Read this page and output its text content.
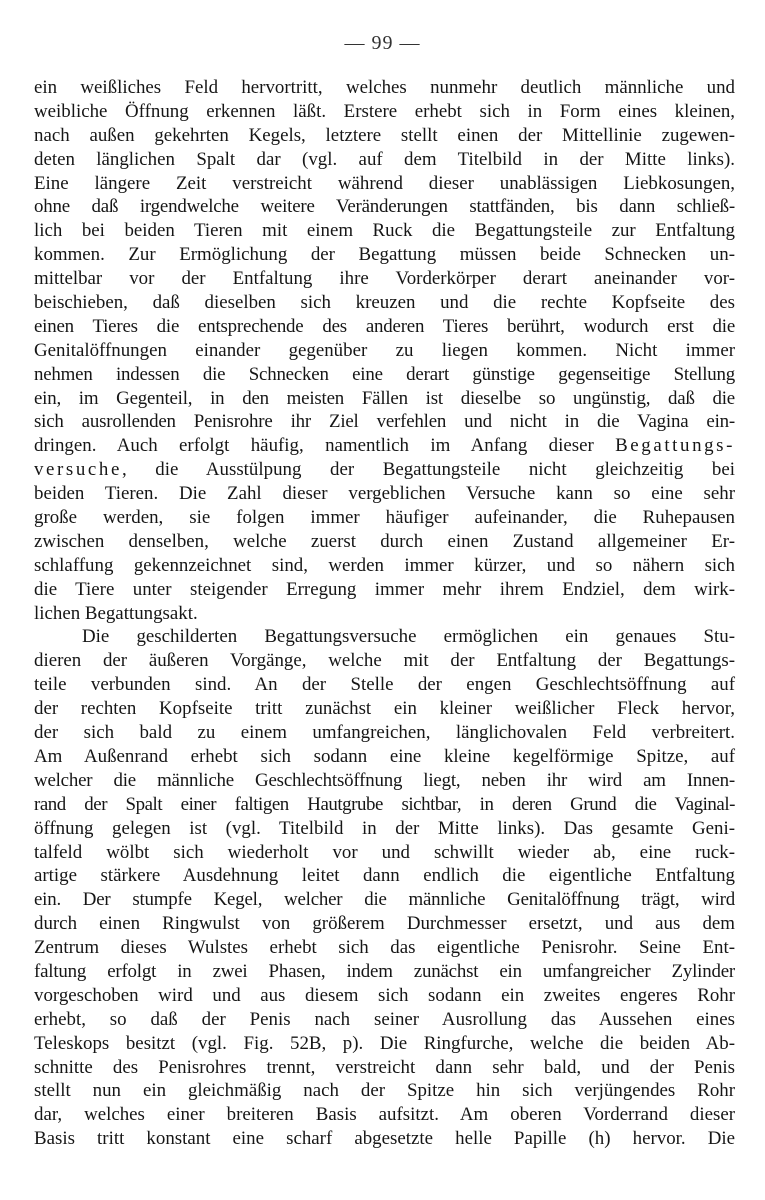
— 99 —
ein weißliches Feld hervortritt, welches nunmehr deutlich männliche und
weibliche Öffnung erkennen läßt. Erstere erhebt sich in Form eines kleinen,
nach außen gekehrten Kegels, letztere stellt einen der Mittellinie zugewen-
deten länglichen Spalt dar (vgl. auf dem Titelbild in der Mitte links).
Eine längere Zeit verstreicht während dieser unablässigen Liebkosungen,
ohne daß irgendwelche weitere Veränderungen stattfänden, bis dann schließ-
lich bei beiden Tieren mit einem Ruck die Begattungsteile zur Entfaltung
kommen. Zur Ermöglichung der Begattung müssen beide Schnecken un-
mittelbar vor der Entfaltung ihre Vorderkörper derart aneinander vor-
beischieben, daß dieselben sich kreuzen und die rechte Kopfseite des
einen Tieres die entsprechende des anderen Tieres berührt, wodurch erst die
Genitalöffnungen einander gegenüber zu liegen kommen. Nicht immer
nehmen indessen die Schnecken eine derart günstige gegenseitige Stellung
ein, im Gegenteil, in den meisten Fällen ist dieselbe so ungünstig, daß die
sich ausrollenden Penisrohre ihr Ziel verfehlen und nicht in die Vagina ein-
dringen. Auch erfolgt häufig, namentlich im Anfang dieser Begattungs-
versuche, die Ausstülpung der Begattungsteile nicht gleichzeitig bei
beiden Tieren. Die Zahl dieser vergeblichen Versuche kann so eine sehr
große werden, sie folgen immer häufiger aufeinander, die Ruhepausen
zwischen denselben, welche zuerst durch einen Zustand allgemeiner Er-
schlaffung gekennzeichnet sind, werden immer kürzer, und so nähern sich
die Tiere unter steigender Erregung immer mehr ihrem Endziel, dem wirk-
lichen Begattungsakt.
Die geschilderten Begattungsversuche ermöglichen ein genaues Stu-
dieren der äußeren Vorgänge, welche mit der Entfaltung der Begattungs-
teile verbunden sind. An der Stelle der engen Geschlechtsöffnung auf
der rechten Kopfseite tritt zunächst ein kleiner weißlicher Fleck hervor,
der sich bald zu einem umfangreichen, länglichovalen Feld verbreitert.
Am Außenrand erhebt sich sodann eine kleine kegelförmige Spitze, auf
welcher die männliche Geschlechtsöffnung liegt, neben ihr wird am Innen-
rand der Spalt einer faltigen Hautgrube sichtbar, in deren Grund die Vaginal-
öffnung gelegen ist (vgl. Titelbild in der Mitte links). Das gesamte Geni-
talfeld wölbt sich wiederholt vor und schwillt wieder ab, eine ruck-
artige stärkere Ausdehnung leitet dann endlich die eigentliche Entfaltung
ein. Der stumpfe Kegel, welcher die männliche Genitalöffnung trägt, wird
durch einen Ringwulst von größerem Durchmesser ersetzt, und aus dem
Zentrum dieses Wulstes erhebt sich das eigentliche Penisrohr. Seine Ent-
faltung erfolgt in zwei Phasen, indem zunächst ein umfangreicher Zylinder
vorgeschoben wird und aus diesem sich sodann ein zweites engeres Rohr
erhebt, so daß der Penis nach seiner Ausrollung das Aussehen eines
Teleskops besitzt (vgl. Fig. 52B, p). Die Ringfurche, welche die beiden Ab-
schnitte des Penisrohres trennt, verstreicht dann sehr bald, und der Penis
stellt nun ein gleichmäßig nach der Spitze hin sich verjüngendes Rohr
dar, welches einer breiteren Basis aufsitzt. Am oberen Vorderrand dieser
Basis tritt konstant eine scharf abgesetzte helle Papille (h) hervor. Die
